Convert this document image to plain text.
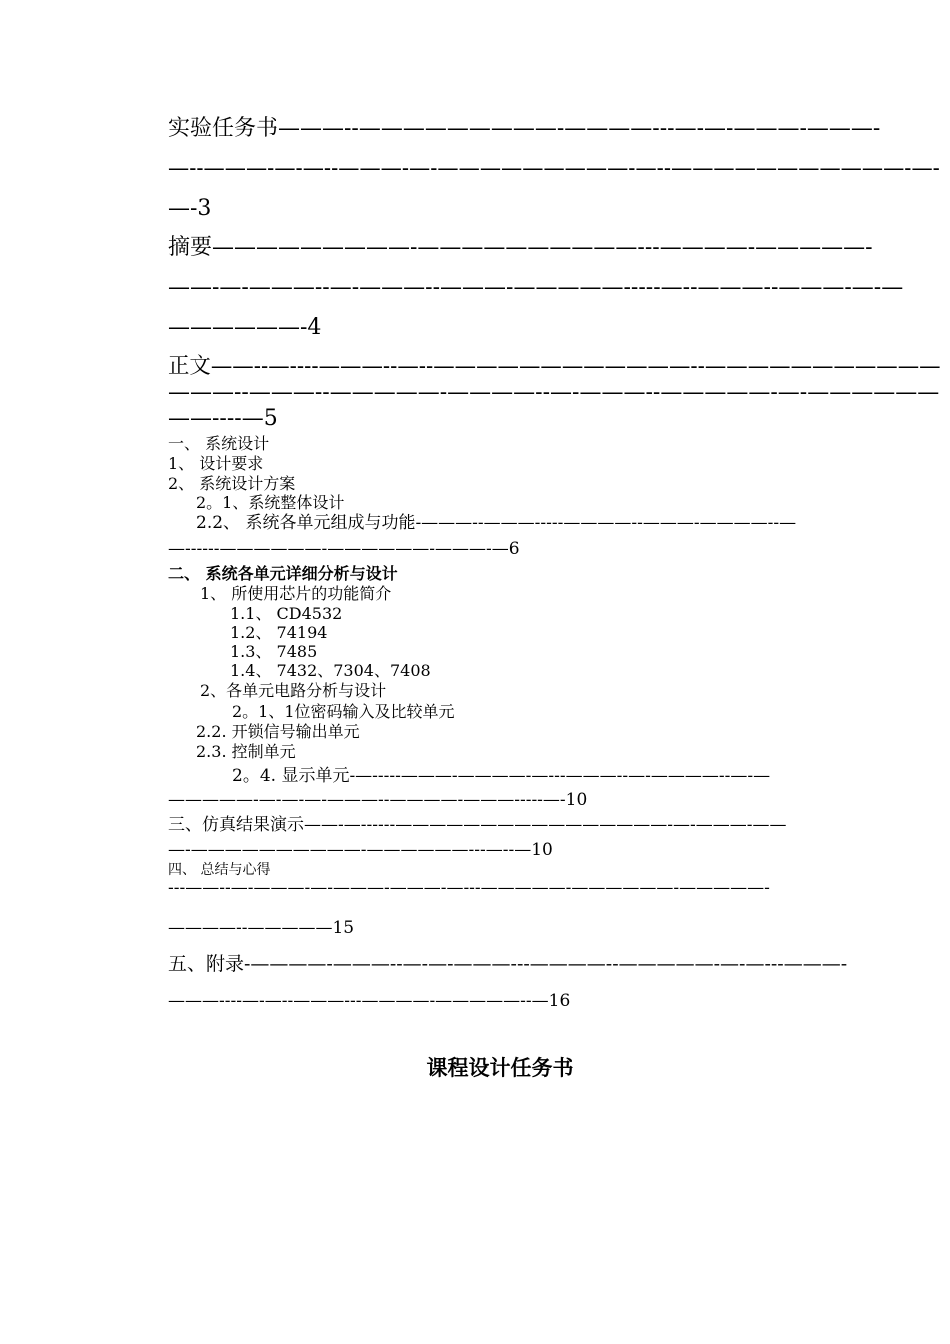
实验任务书———--—————————-————---—-—-———-———-
—--———-—-—--———-—-—————————-—--———————————-—-
—-3
摘要—————————-——————————---————-—————-
——-—-———--—-———--———-—————-----—--———--———-—-—
——————-4
正文——--—----———--—--————————————--———————————
———--———--—————-————--—-———--—————-—-——————
——----—5
一、 系统设计
1、 设计要求
2、 系统设计方案
2。1、系统整体设计
2.2、 系统各单元组成与功能-———--———-----————--———-————--—
—------——————-——————-———-—6
二、 系统各单元详细分析与设计
1、 所使用芯片的功能简介
1.1、 CD4532
1.2、 74194
1.3、 7485
1.4、 7432、7304、7408
2、各单元电路分析与设计
2。1、1位密码输入及比较单元
2.2. 开锁信号输出单元
2.3. 控制单元
2。4. 显示单元-—-----———-————-—---———--—-————--—-—
—————-—-—-—-———--————-———-----—-10
三、仿真结果演示——-—------————————————————-—-———-——
—-——————————-——————---—--—10
四、 总结与心得
---——--—-———-—-———-———-—---—————-——————-—————-
————--—————15
五、附录-————-———--—-—-———---————--—————-—-—---———-
———----—-—--———---————-—————--—16
课程设计任务书
